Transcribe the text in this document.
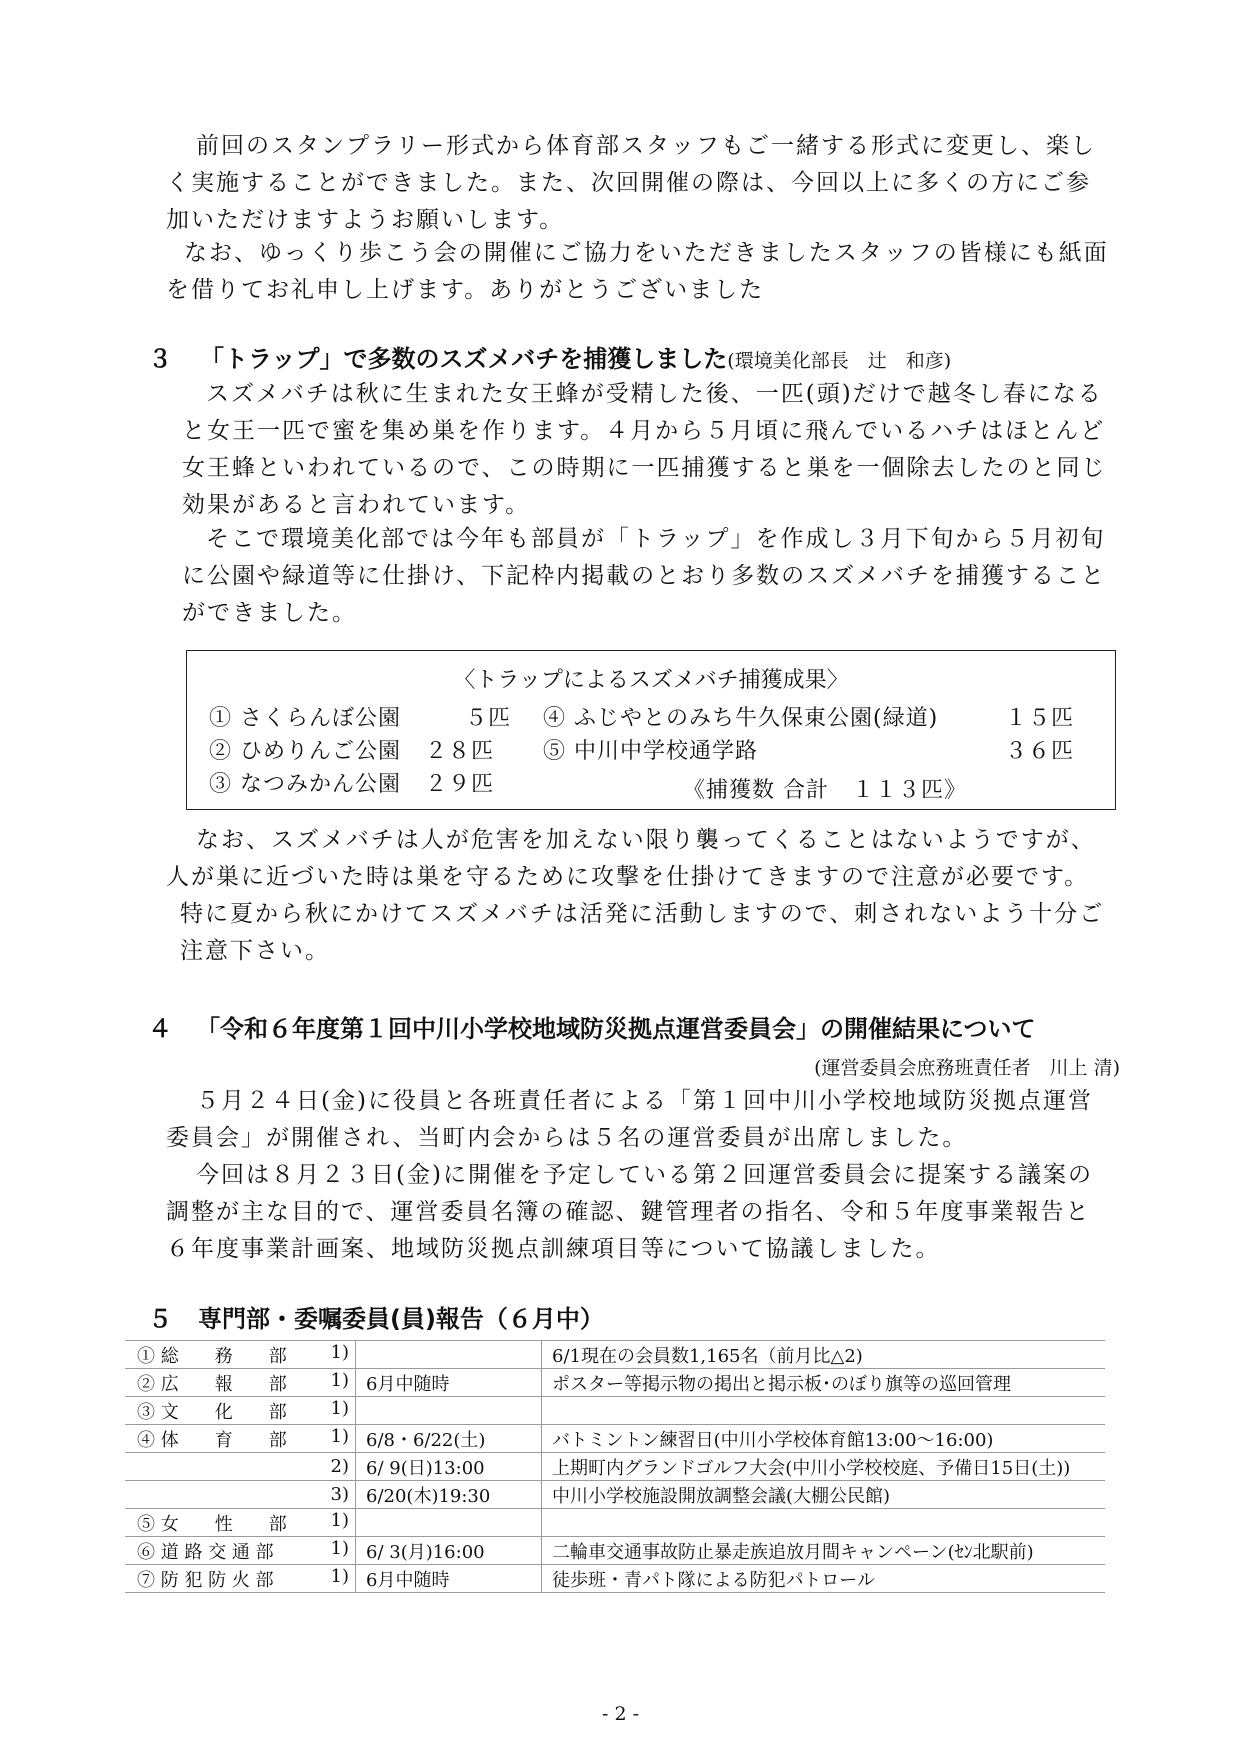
前回のスタンプラリー形式から体育部スタッフもご一緒する形式に変更し、楽し
く実施することができました。また、次回開催の際は、今回以上に多くの方にご参
加いただけますようお願いします。
なお、ゆっくり歩こう会の開催にご協力をいただきましたスタッフの皆様にも紙面
を借りてお礼申し上げます。ありがとうございました
３ 「トラップ」で多数のスズメバチを捕獲しました(環境美化部長　辻　和彦)
スズメバチは秋に生まれた女王蜂が受精した後、一匹(頭)だけで越冬し春になる
と女王一匹で蜜を集め巣を作ります。４月から５月頃に飛んでいるハチはほとんど
女王蜂といわれているので、この時期に一匹捕獲すると巣を一個除去したのと同じ
効果があると言われています。
そこで環境美化部では今年も部員が「トラップ」を作成し３月下旬から５月初旬
に公園や緑道等に仕掛け、下記枠内掲載のとおり多数のスズメバチを捕獲すること
ができました。
〈トラップによるスズメバチ捕獲成果〉
① さくらんぼ公園	５匹
② ひめりんご公園 ２８匹
③ なつみかん公園 ２９匹
④ ふじやとのみち牛久保東公園(緑道)	１５匹
⑤ 中川中学校通学路	３６匹
《捕獲数 合計　１１３匹》
なお、スズメバチは人が危害を加えない限り襲ってくることはないようですが、
人が巣に近づいた時は巣を守るために攻撃を仕掛けてきますので注意が必要です。
特に夏から秋にかけてスズメバチは活発に活動しますので、刺されないよう十分ご
注意下さい。
４ 「令和６年度第１回中川小学校地域防災拠点運営委員会」の開催結果について
(運営委員会庶務班責任者　川上 清)
５月２４日(金)に役員と各班責任者による「第１回中川小学校地域防災拠点運営
委員会」が開催され、当町内会からは５名の運営委員が出席しました。
今回は８月２３日(金)に開催を予定している第２回運営委員会に提案する議案の
調整が主な目的で、運営委員名簿の確認、鍵管理者の指名、令和５年度事業報告と
６年度事業計画案、地域防災拠点訓練項目等について協議しました。
５ 専門部・委嘱委員(員)報告（６月中）
① 総　　務　　部 1)		6/1現在の会員数1,165名（前月比△2)
② 広　　報　　部 1)	6月中随時	ポスター等掲示物の掲出と掲示板･のぼり旗等の巡回管理
③ 文　　化　　部 1)		

④ 体　　育　　部 1)	6/8・6/22(土)	バトミントン練習日(中川小学校体育館13:00～16:00)

2)	6/ 9(日)13:00	上期町内グランドゴルフ大会(中川小学校校庭、予備日15日(土))

3)	6/20(木)19:30	中川小学校施設開放調整会議(大棚公民館)
⑤ 女　　性　　部 1)		

⑥ 道 路 交 通 部 1)	6/ 3(月)16:00	二輪車交通事故防止暴走族追放月間キャンペーン(ｾﾝ北駅前)
⑦ 防 犯 防 火 部 1)	6月中随時	徒歩班・青パト隊による防犯パトロール
- 2 -
